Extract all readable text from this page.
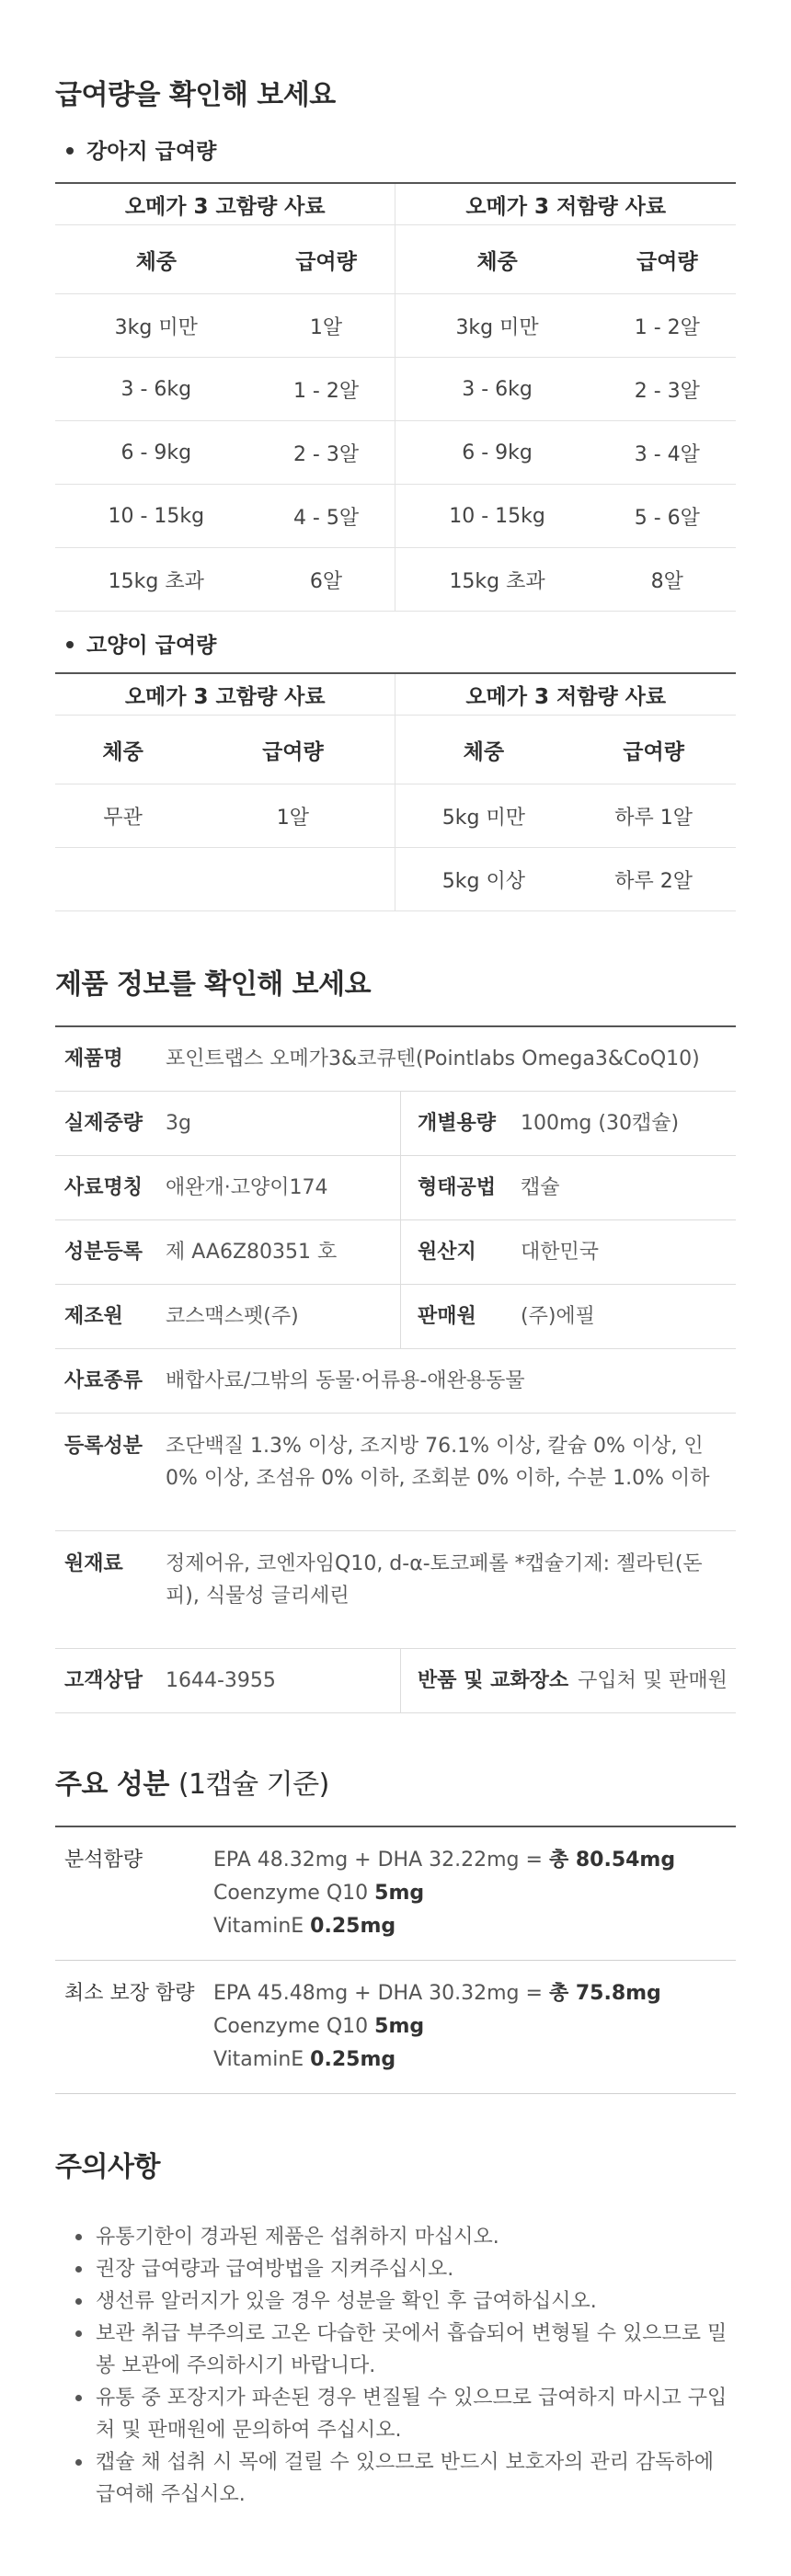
급여량을 확인해 보세요
강아지 급여량
오메가 3 고함량 사료		오메가 3 저함량 사료	
체중	급여량	체중	급여량
3kg 미만	1알	3kg 미만	1 - 2알
3 - 6kg	1 - 2알	3 - 6kg	2 - 3알
6 - 9kg	2 - 3알	6 - 9kg	3 - 4알
10 - 15kg	4 - 5알	10 - 15kg	5 - 6알
15kg 초과	6알	15kg 초과	8알
고양이 급여량
오메가 3 고함량 사료		오메가 3 저함량 사료	
체중	급여량	체중	급여량
무관	1알	5kg 미만	하루 1알
		5kg 이상	하루 2알
제품 정보를 확인해 보세요
제품명	포인트랩스 오메가3&코큐텐(Pointlabs Omega3&CoQ10)		
실제중량	3g	개별용량	100mg (30캡슐)
사료명칭	애완개·고양이174	형태공법	캡슐
성분등록	제 AA6Z80351 호	원산지	대한민국
제조원	코스맥스펫(주)	판매원	(주)에필
사료종류	배합사료/그밖의 동물·어류용-애완용동물		
등록성분	조단백질 1.3% 이상, 조지방 76.1% 이상, 칼슘 0% 이상, 인 0% 이상, 조섬유 0% 이하, 조회분 0% 이하, 수분 1.0% 이하		
원재료	정제어유, 코엔자임Q10, d-α-토코페롤 *캡슐기제: 젤라틴(돈피), 식물성 글리세린		
고객상담	1644-3955	반품 및 교화장소 구입처 및 판매원	
주요 성분 (1캡슐 기준)
분석함량	EPA 48.32mg + DHA 32.22mg = 총 80.54mg
Coenzyme Q10 5mg
VitaminE 0.25mg

최소 보장 함량	EPA 45.48mg + DHA 30.32mg = 총 75.8mg
Coenzyme Q10 5mg
VitaminE 0.25mg
주의사항
유통기한이 경과된 제품은 섭취하지 마십시오.
권장 급여량과 급여방법을 지켜주십시오.
생선류 알러지가 있을 경우 성분을 확인 후 급여하십시오.
보관 취급 부주의로 고온 다습한 곳에서 흡습되어 변형될 수 있으므로 밀봉 보관에 주의하시기 바랍니다.
유통 중 포장지가 파손된 경우 변질될 수 있으므로 급여하지 마시고 구입처 및 판매원에 문의하여 주십시오.
캡슐 채 섭취 시 목에 걸릴 수 있으므로 반드시 보호자의 관리 감독하에 급여해 주십시오.
